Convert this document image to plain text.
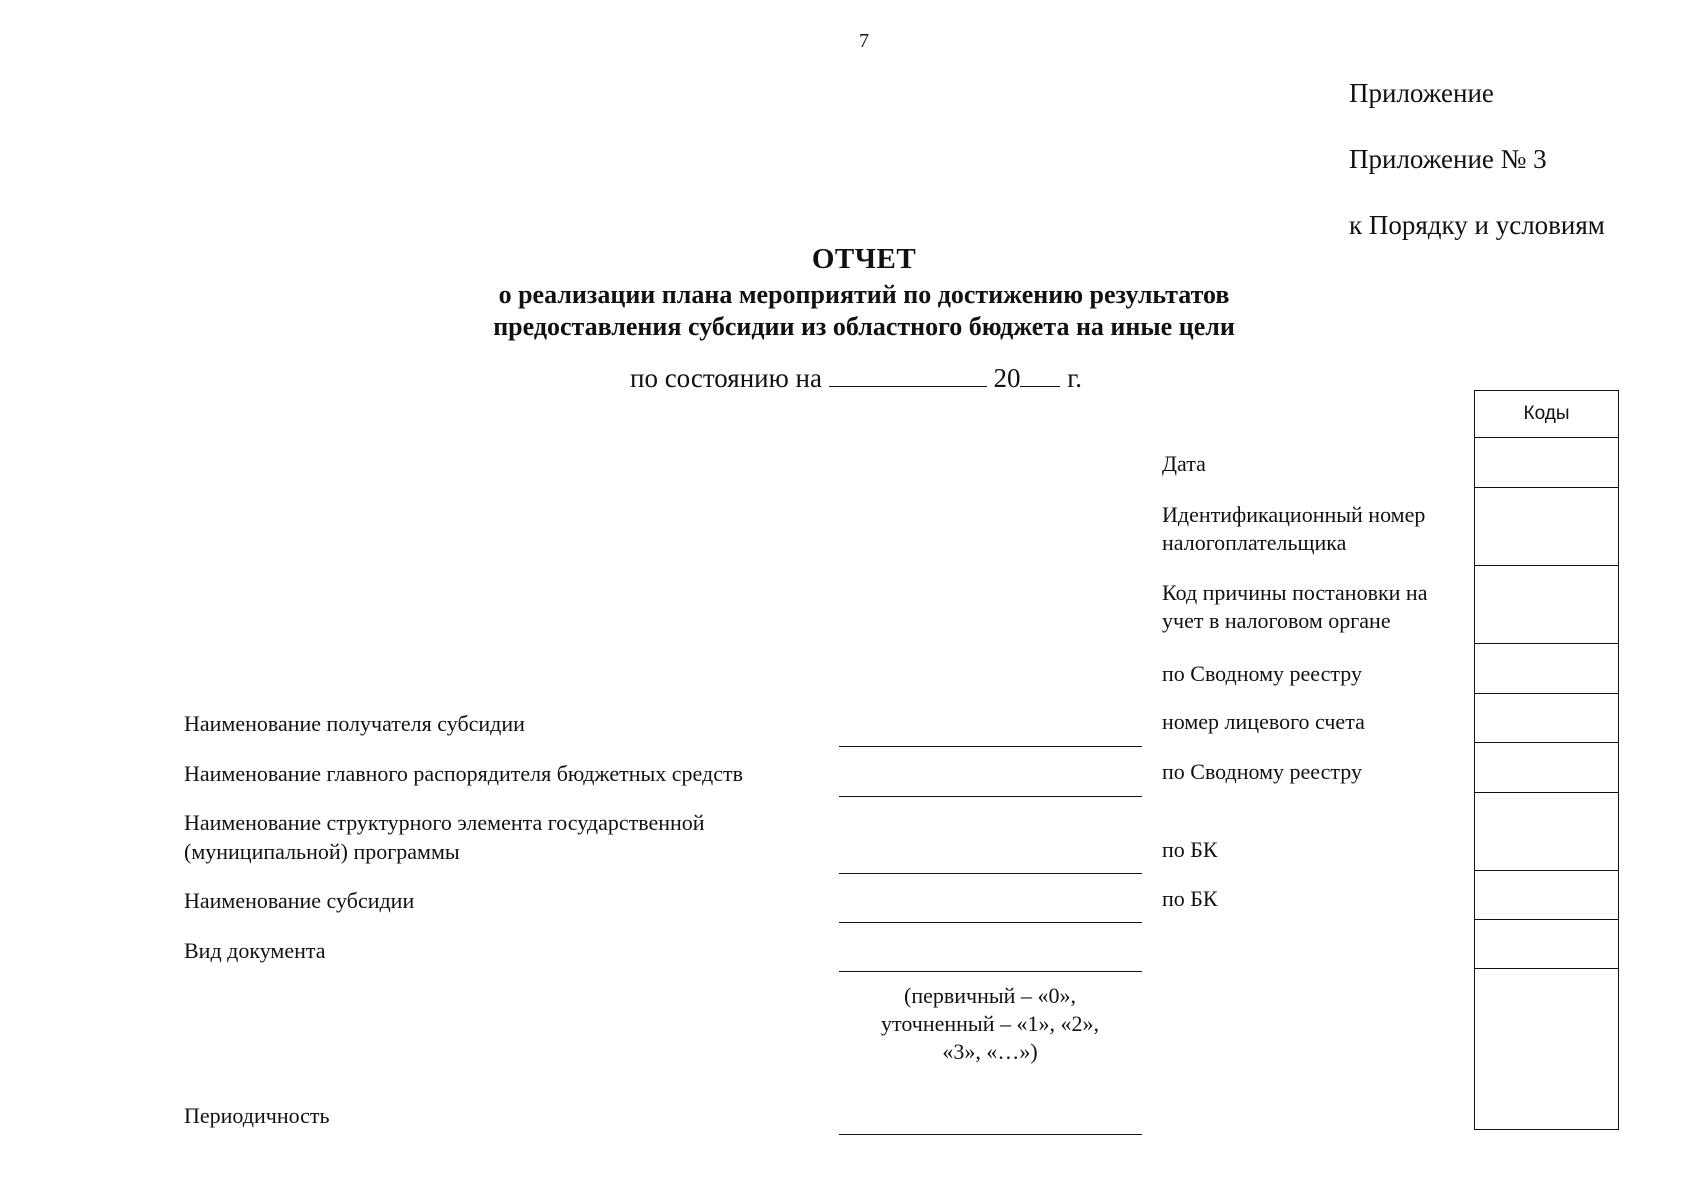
7
Приложение
Приложение № 3
к Порядку и условиям
ОТЧЕТ
о реализации плана мероприятий по достижению результатов
предоставления субсидии из областного бюджета на иные цели
по состоянию на	20 г.
Наименование получателя субсидии
Наименование главного распорядителя бюджетных средств
Наименование структурного элемента государственной
(муниципальной) программы
Наименование субсидии
Вид документа
Периодичность
(первичный – «0»,
уточненный – «1», «2»,
«3», «…»)
Дата
Идентификационный номер
налогоплательщика
Код причины постановки на
учет в налоговом органе
по Сводному реестру
номер лицевого счета
по Сводному реестру
по БК
по БК
Коды
